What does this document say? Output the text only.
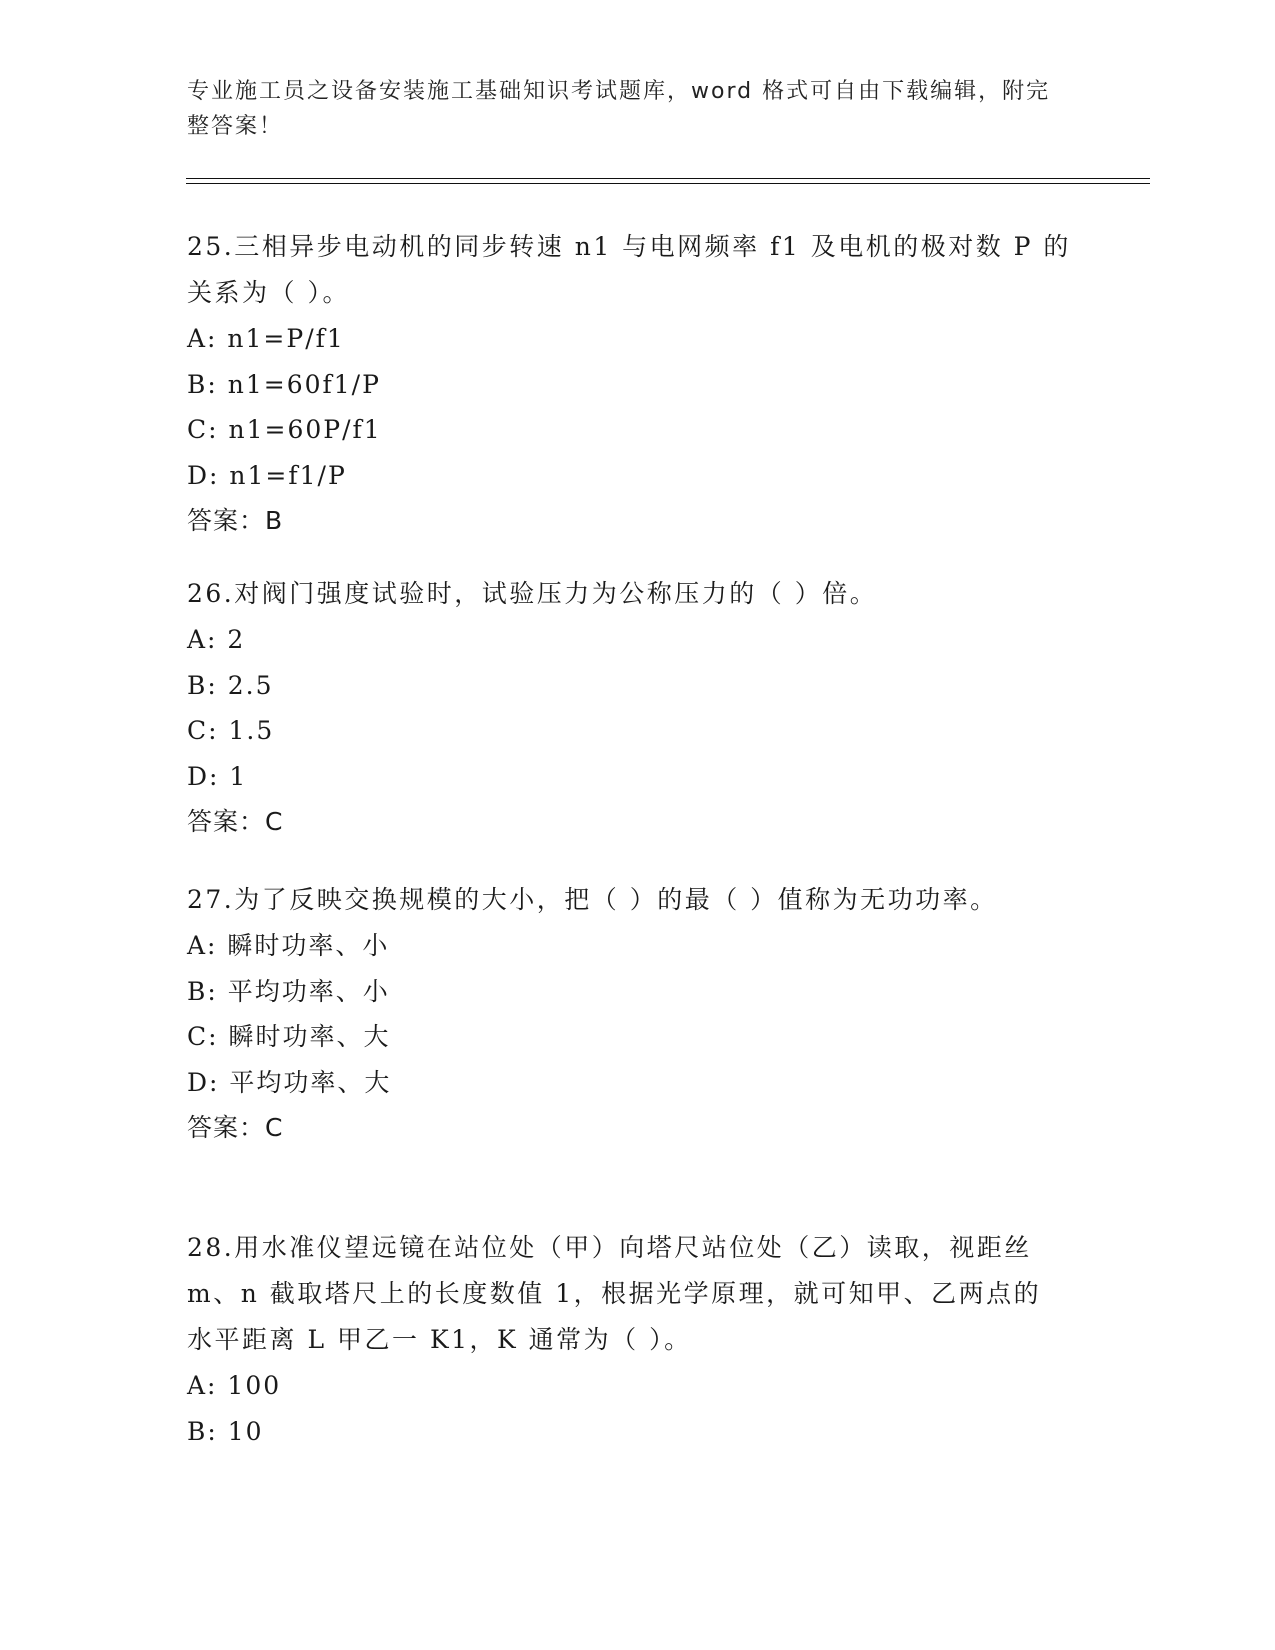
专业施工员之设备安装施工基础知识考试题库，word 格式可自由下载编辑，附完整答案！

25.三相异步电动机的同步转速 n1 与电网频率 f1 及电机的极对数 P 的

关系为（ ）。

A: n1=P/f1

B: n1=60f1/P

C: n1=60P/f1

D: n1=f1/P

答案：B

26.对阀门强度试验时，试验压力为公称压力的（ ）倍。

A: 2

B: 2.5

C: 1.5

D: 1

答案：C

27.为了反映交换规模的大小，把（ ）的最（ ）值称为无功功率。

A: 瞬时功率、小

B: 平均功率、小

C: 瞬时功率、大

D: 平均功率、大

答案：C

28.用水准仪望远镜在站位处（甲）向塔尺站位处（乙）读取，视距丝

m、n 截取塔尺上的长度数值 1，根据光学原理，就可知甲、乙两点的

水平距离 L 甲乙一 K1，K 通常为（ ）。

A: 100

B: 10
